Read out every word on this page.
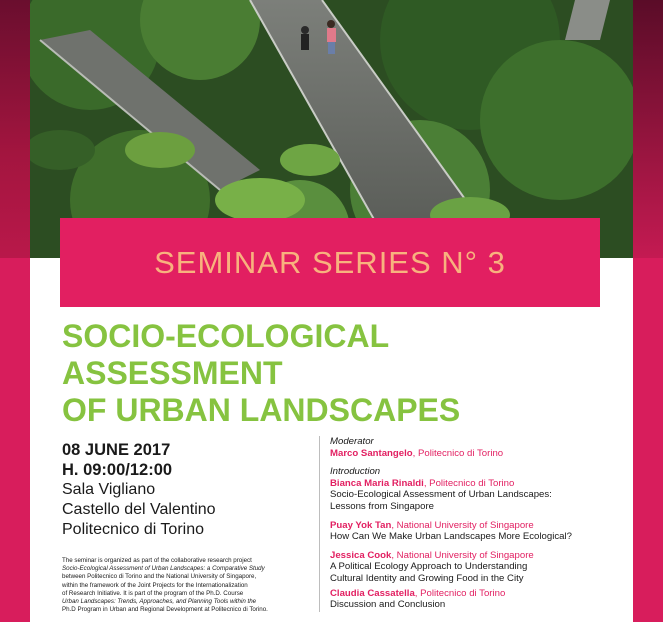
SEMINAR SERIES N° 3
SOCIO-ECOLOGICAL
ASSESSMENT
OF URBAN LANDSCAPES
08 JUNE 2017
H. 09:00/12:00
Sala Vigliano
Castello del Valentino
Politecnico di Torino
The seminar is organized as part of the collaborative research project
Socio-Ecological Assessment of Urban Landscapes: a Comparative Study
between Politecnico di Torino and the National University of Singapore,
within the framework of the Joint Projects for the Internationalization
of Research Initiative. It is part of the program of the Ph.D. Course
Urban Landscapes: Trends, Approaches, and Planning Tools within the
Ph.D Program in Urban and Regional Development at Politecnico di Torino.
Moderator
Marco Santangelo, Politecnico di Torino
Introduction
Bianca Maria Rinaldi, Politecnico di Torino
Socio-Ecological Assessment of Urban Landscapes:
Lessons from Singapore
Puay Yok Tan, National University of Singapore
How Can We Make Urban Landscapes More Ecological?
Jessica Cook, National University of Singapore
A Political Ecology Approach to Understanding
Cultural Identity and Growing Food in the City
Claudia Cassatella, Politecnico di Torino
Discussion and Conclusion
